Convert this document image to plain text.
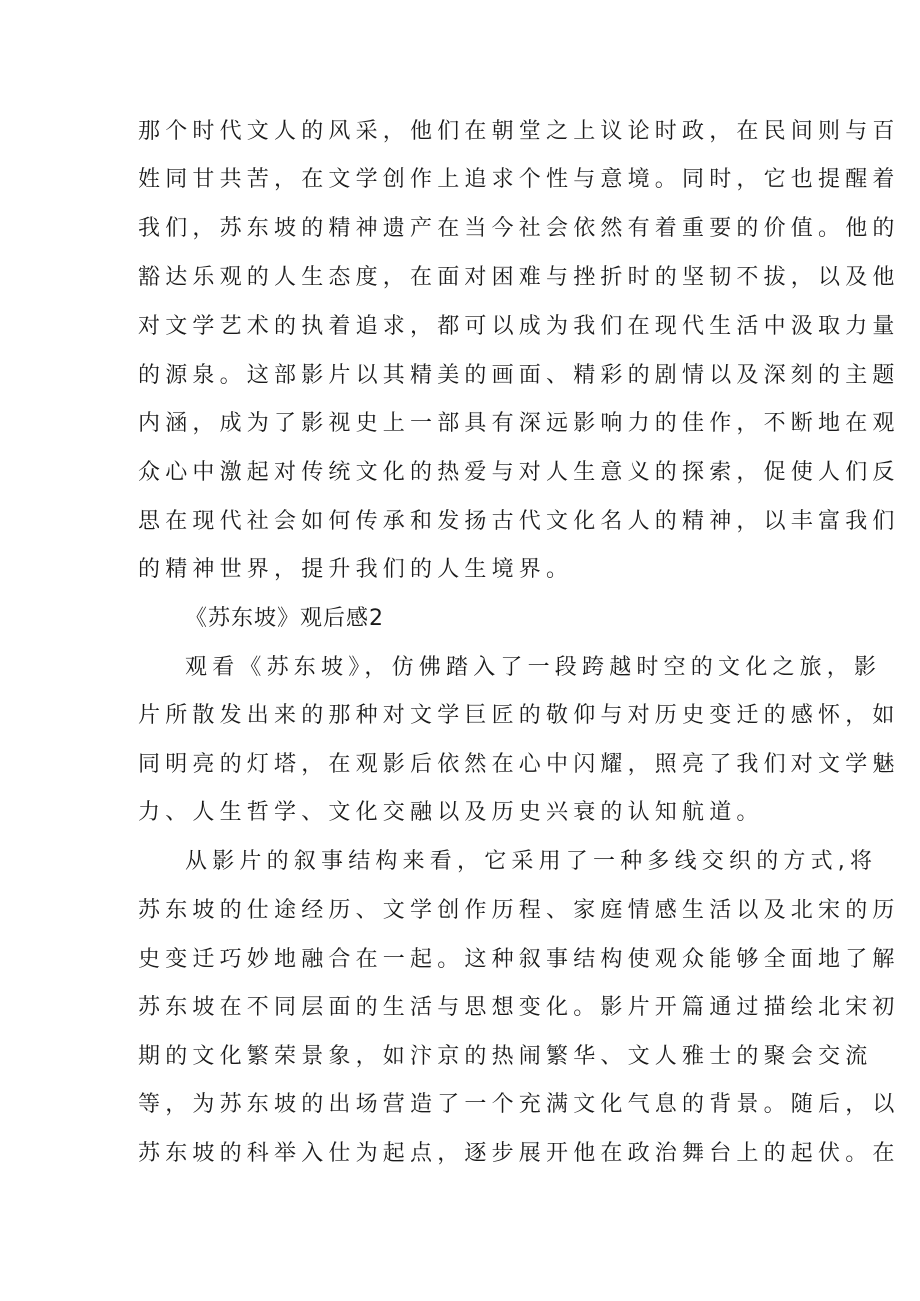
那个时代文人的风采，他们在朝堂之上议论时政，在民间则与百
姓同甘共苦，在文学创作上追求个性与意境。同时，它也提醒着
我们，苏东坡的精神遗产在当今社会依然有着重要的价值。他的
豁达乐观的人生态度，在面对困难与挫折时的坚韧不拔，以及他
对文学艺术的执着追求，都可以成为我们在现代生活中汲取力量
的源泉。这部影片以其精美的画面、精彩的剧情以及深刻的主题
内涵，成为了影视史上一部具有深远影响力的佳作，不断地在观
众心中激起对传统文化的热爱与对人生意义的探索，促使人们反
思在现代社会如何传承和发扬古代文化名人的精神，以丰富我们
的精神世界，提升我们的人生境界。
《苏东坡》观后感2
观看《苏东坡》，仿佛踏入了一段跨越时空的文化之旅，影
片所散发出来的那种对文学巨匠的敬仰与对历史变迁的感怀，如
同明亮的灯塔，在观影后依然在心中闪耀，照亮了我们对文学魅
力、人生哲学、文化交融以及历史兴衰的认知航道。
从影片的叙事结构来看，它采用了一种多线交织的方式,将
苏东坡的仕途经历、文学创作历程、家庭情感生活以及北宋的历
史变迁巧妙地融合在一起。这种叙事结构使观众能够全面地了解
苏东坡在不同层面的生活与思想变化。影片开篇通过描绘北宋初
期的文化繁荣景象，如汴京的热闹繁华、文人雅士的聚会交流
等，为苏东坡的出场营造了一个充满文化气息的背景。随后，以
苏东坡的科举入仕为起点，逐步展开他在政治舞台上的起伏。在
